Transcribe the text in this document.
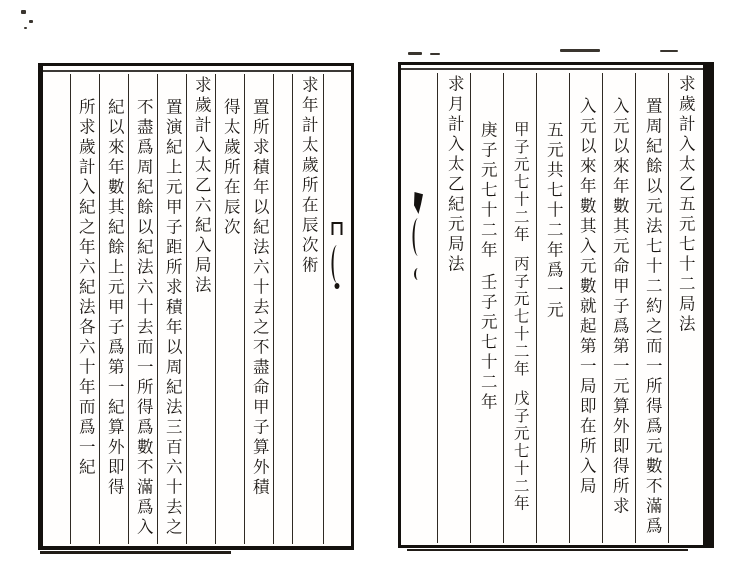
求年計太歲所在辰次術
置所求積年以紀法六十去之不盡命甲子算外積
得太歲所在辰次
求歲計入太乙六紀入局法
置演紀上元甲子距所求積年以周紀法三百六十去之
不盡爲周紀餘以紀法六十去而一所得爲數不滿爲入
紀以來年數其紀餘上元甲子爲第一紀算外即得
所求歲計入紀之年六紀法各六十年而爲一紀	求歲計入太乙五元七十二局法
置周紀餘以元法七十二約之而一所得爲元數不滿爲
入元以來年數其元命甲子爲第一元算外即得所求
入元以來年數其入元數就起第一局即在所入局
五元共七十二年爲一元
甲子元七十二年丙子元七十二年戊子元七十二年
庚子元七十二年壬子元七十二年
求月計入太乙紀元局法
